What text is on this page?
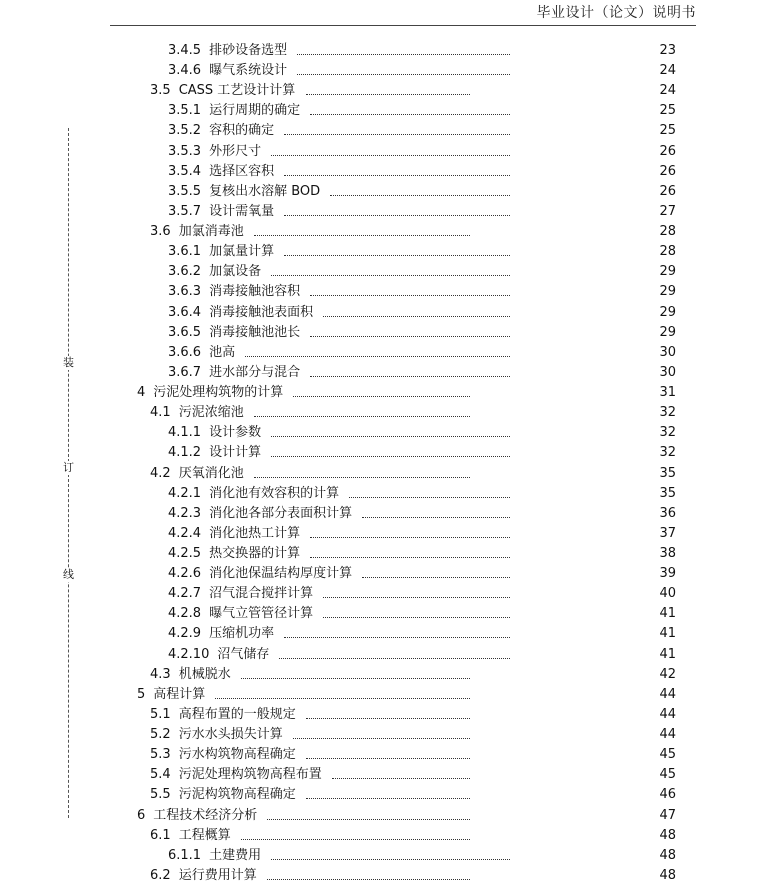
毕业设计（论文）说明书
装
订
线
3.4.5 排砂设备选型	23
3.4.6 曝气系统设计	24
3.5 CASS 工艺设计计算	24
3.5.1 运行周期的确定	25
3.5.2 容积的确定	25
3.5.3 外形尺寸	26
3.5.4 选择区容积	26
3.5.5 复核出水溶解 BOD	26
3.5.7 设计需氧量	27
3.6 加氯消毒池	28
3.6.1 加氯量计算	28
3.6.2 加氯设备	29
3.6.3 消毒接触池容积	29
3.6.4 消毒接触池表面积	29
3.6.5 消毒接触池池长	29
3.6.6 池高	30
3.6.7 进水部分与混合	30
4 污泥处理构筑物的计算	31
4.1 污泥浓缩池	32
4.1.1 设计参数	32
4.1.2 设计计算	32
4.2 厌氧消化池	35
4.2.1 消化池有效容积的计算	35
4.2.3 消化池各部分表面积计算	36
4.2.4 消化池热工计算	37
4.2.5 热交换器的计算	38
4.2.6 消化池保温结构厚度计算	39
4.2.7 沼气混合搅拌计算	40
4.2.8 曝气立管管径计算	41
4.2.9 压缩机功率	41
4.2.10 沼气储存	41
4.3 机械脱水	42
5 高程计算	44
5.1 高程布置的一般规定	44
5.2 污水水头损失计算	44
5.3 污水构筑物高程确定	45
5.4 污泥处理构筑物高程布置	45
5.5 污泥构筑物高程确定	46
6 工程技术经济分析	47
6.1 工程概算	48
6.1.1 土建费用	48
6.2 运行费用计算	48
